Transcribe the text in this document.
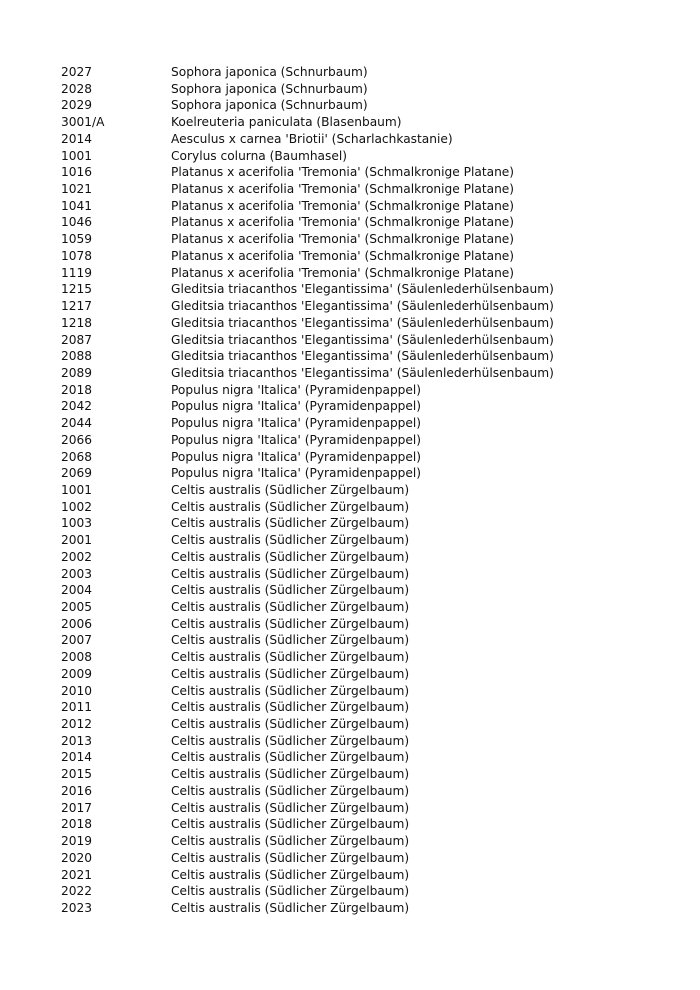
2027	Sophora japonica (Schnurbaum)
2028	Sophora japonica (Schnurbaum)
2029	Sophora japonica (Schnurbaum)
3001/A	Koelreuteria paniculata (Blasenbaum)
2014	Aesculus x carnea 'Briotii' (Scharlachkastanie)
1001	Corylus colurna (Baumhasel)
1016	Platanus x acerifolia 'Tremonia' (Schmalkronige Platane)
1021	Platanus x acerifolia 'Tremonia' (Schmalkronige Platane)
1041	Platanus x acerifolia 'Tremonia' (Schmalkronige Platane)
1046	Platanus x acerifolia 'Tremonia' (Schmalkronige Platane)
1059	Platanus x acerifolia 'Tremonia' (Schmalkronige Platane)
1078	Platanus x acerifolia 'Tremonia' (Schmalkronige Platane)
1119	Platanus x acerifolia 'Tremonia' (Schmalkronige Platane)
1215	Gleditsia triacanthos 'Elegantissima' (Säulenlederhülsenbaum)
1217	Gleditsia triacanthos 'Elegantissima' (Säulenlederhülsenbaum)
1218	Gleditsia triacanthos 'Elegantissima' (Säulenlederhülsenbaum)
2087	Gleditsia triacanthos 'Elegantissima' (Säulenlederhülsenbaum)
2088	Gleditsia triacanthos 'Elegantissima' (Säulenlederhülsenbaum)
2089	Gleditsia triacanthos 'Elegantissima' (Säulenlederhülsenbaum)
2018	Populus nigra 'Italica' (Pyramidenpappel)
2042	Populus nigra 'Italica' (Pyramidenpappel)
2044	Populus nigra 'Italica' (Pyramidenpappel)
2066	Populus nigra 'Italica' (Pyramidenpappel)
2068	Populus nigra 'Italica' (Pyramidenpappel)
2069	Populus nigra 'Italica' (Pyramidenpappel)
1001	Celtis australis (Südlicher Zürgelbaum)
1002	Celtis australis (Südlicher Zürgelbaum)
1003	Celtis australis (Südlicher Zürgelbaum)
2001	Celtis australis (Südlicher Zürgelbaum)
2002	Celtis australis (Südlicher Zürgelbaum)
2003	Celtis australis (Südlicher Zürgelbaum)
2004	Celtis australis (Südlicher Zürgelbaum)
2005	Celtis australis (Südlicher Zürgelbaum)
2006	Celtis australis (Südlicher Zürgelbaum)
2007	Celtis australis (Südlicher Zürgelbaum)
2008	Celtis australis (Südlicher Zürgelbaum)
2009	Celtis australis (Südlicher Zürgelbaum)
2010	Celtis australis (Südlicher Zürgelbaum)
2011	Celtis australis (Südlicher Zürgelbaum)
2012	Celtis australis (Südlicher Zürgelbaum)
2013	Celtis australis (Südlicher Zürgelbaum)
2014	Celtis australis (Südlicher Zürgelbaum)
2015	Celtis australis (Südlicher Zürgelbaum)
2016	Celtis australis (Südlicher Zürgelbaum)
2017	Celtis australis (Südlicher Zürgelbaum)
2018	Celtis australis (Südlicher Zürgelbaum)
2019	Celtis australis (Südlicher Zürgelbaum)
2020	Celtis australis (Südlicher Zürgelbaum)
2021	Celtis australis (Südlicher Zürgelbaum)
2022	Celtis australis (Südlicher Zürgelbaum)
2023	Celtis australis (Südlicher Zürgelbaum)
